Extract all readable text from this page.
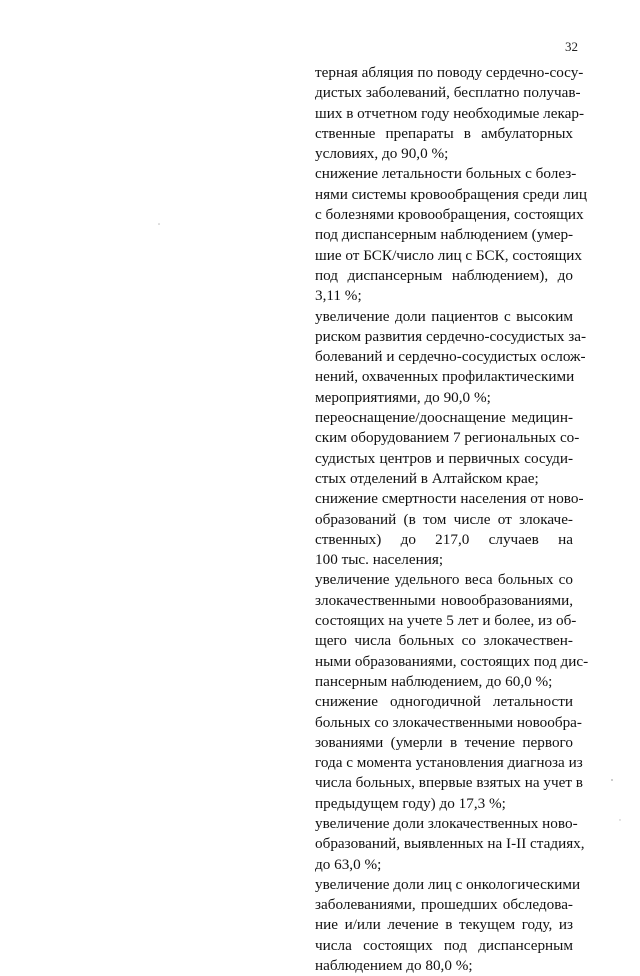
32
терная абляция по поводу сердечно-сосу-
дистых заболеваний, бесплатно получав-
ших в отчетном году необходимые лекар-
ственные препараты в амбулаторных
условиях, до 90,0 %;
снижение летальности больных с болез-
нями системы кровообращения среди лиц
с болезнями кровообращения, состоящих
под диспансерным наблюдением (умер-
шие от БСК/число лиц с БСК, состоящих
под диспансерным наблюдением), до
3,11 %;
увеличение доли пациентов с высоким
риском развития сердечно-сосудистых за-
болеваний и сердечно-сосудистых ослож-
нений, охваченных профилактическими
мероприятиями, до 90,0 %;
переоснащение/дооснащение медицин-
ским оборудованием 7 региональных со-
судистых центров и первичных сосуди-
стых отделений в Алтайском крае;
снижение смертности населения от ново-
образований (в том числе от злокаче-
ственных) до 217,0 случаев на
100 тыс. населения;
увеличение удельного веса больных со
злокачественными новообразованиями,
состоящих на учете 5 лет и более, из об-
щего числа больных со злокачествен-
ными образованиями, состоящих под дис-
пансерным наблюдением, до 60,0 %;
снижение одногодичной летальности
больных со злокачественными новообра-
зованиями (умерли в течение первого
года с момента установления диагноза из
числа больных, впервые взятых на учет в
предыдущем году) до 17,3 %;
увеличение доли злокачественных ново-
образований, выявленных на I-II стадиях,
до 63,0 %;
увеличение доли лиц с онкологическими
заболеваниями, прошедших обследова-
ние и/или лечение в текущем году, из
числа состоящих под диспансерным
наблюдением до 80,0 %;
